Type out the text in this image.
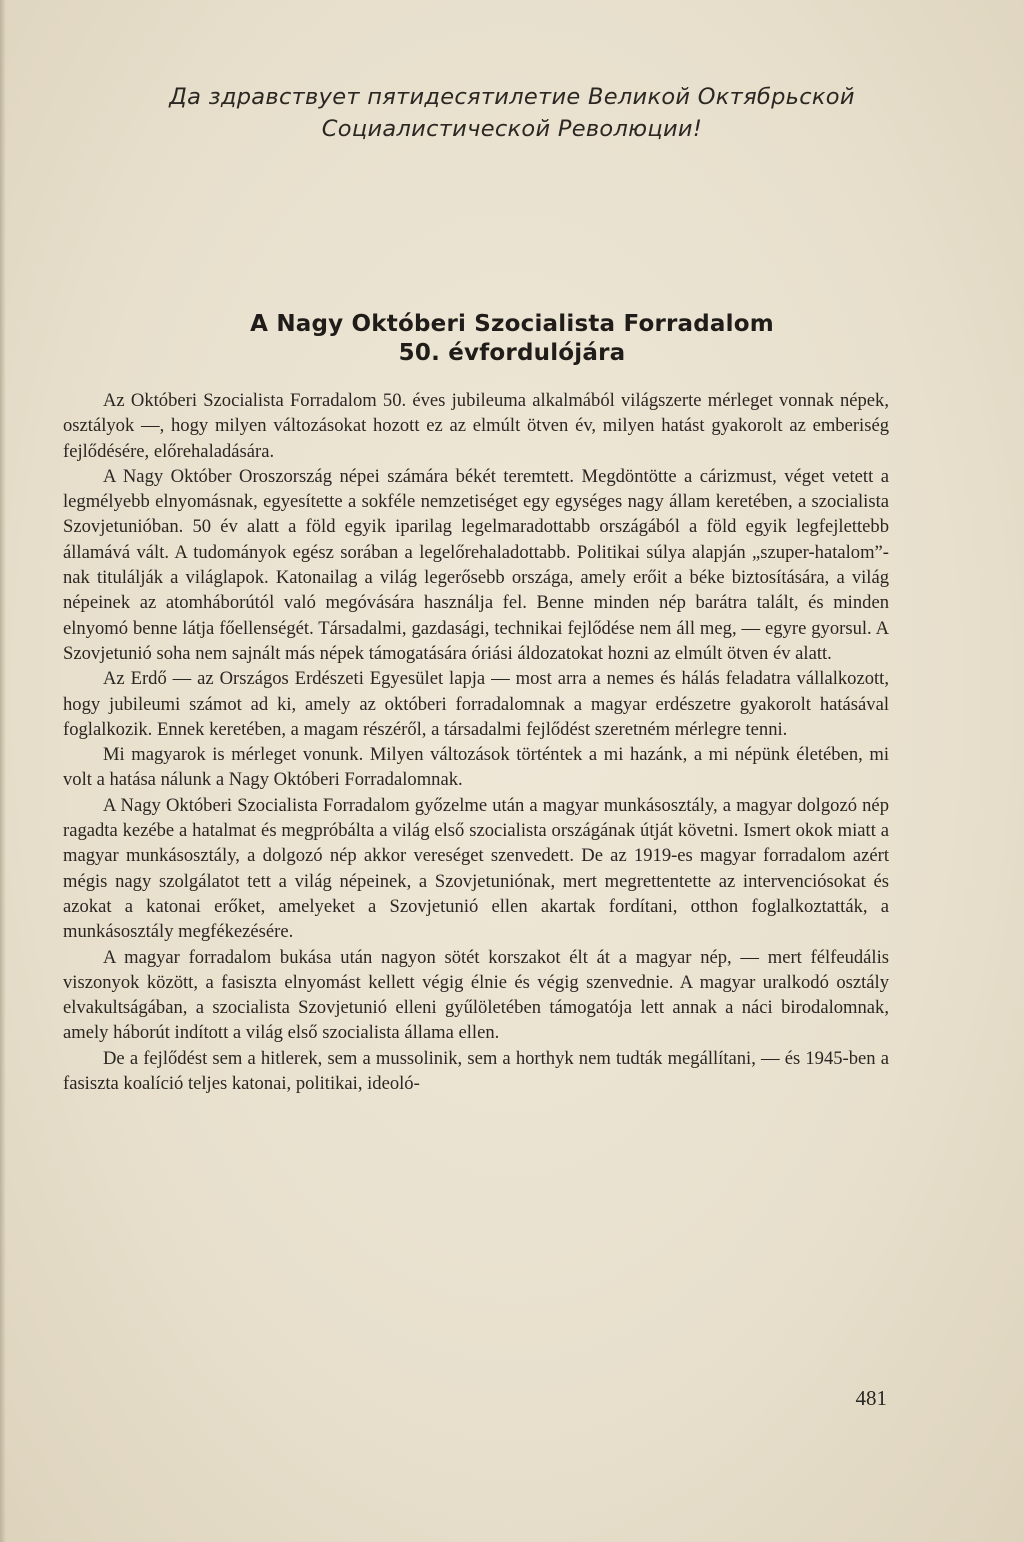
Да здравствует пятидесятилетие Великой Октябрьской
Социалистической Революции!
A Nagy Októberi Szocialista Forradalom
50. évfordulójára

Az Októberi Szocialista Forradalom 50. éves jubileuma alkalmából világszerte mérleget vonnak népek, osztályok —, hogy milyen változásokat hozott ez az elmúlt ötven év, milyen hatást gyakorolt az emberiség fejlődésére, előrehaladására.

A Nagy Október Oroszország népei számára békét teremtett. Megdöntötte a cárizmust, véget vetett a legmélyebb elnyomásnak, egyesítette a sokféle nemzetiséget egy egységes nagy állam keretében, a szocialista Szovjetunióban. 50 év alatt a föld egyik iparilag legelmaradottabb országából a föld egyik legfejlettebb államává vált. A tudományok egész sorában a legelőrehaladottabb. Politikai súlya alapján „szuper-hatalom”-nak titulálják a világlapok. Katonailag a világ legerősebb országa, amely erőit a béke biztosítására, a világ népeinek az atomháborútól való megóvására használja fel. Benne minden nép barátra talált, és minden elnyomó benne látja főellenségét. Társadalmi, gazdasági, technikai fejlődése nem áll meg, — egyre gyorsul. A Szovjetunió soha nem sajnált más népek támogatására óriási áldozatokat hozni az elmúlt ötven év alatt.

Az Erdő — az Országos Erdészeti Egyesület lapja — most arra a nemes és hálás feladatra vállalkozott, hogy jubileumi számot ad ki, amely az októberi forradalomnak a magyar erdészetre gyakorolt hatásával foglalkozik. Ennek keretében, a magam részéről, a társadalmi fejlődést szeretném mérlegre tenni.

Mi magyarok is mérleget vonunk. Milyen változások történtek a mi hazánk, a mi népünk életében, mi volt a hatása nálunk a Nagy Októberi Forradalomnak.

A Nagy Októberi Szocialista Forradalom győzelme után a magyar munkásosztály, a magyar dolgozó nép ragadta kezébe a hatalmat és megpróbálta a világ első szocialista országának útját követni. Ismert okok miatt a magyar munkásosztály, a dolgozó nép akkor vereséget szenvedett. De az 1919-es magyar forradalom azért mégis nagy szolgálatot tett a világ népeinek, a Szovjetuniónak, mert megrettentette az intervenciósokat és azokat a katonai erőket, amelyeket a Szovjetunió ellen akartak fordítani, otthon foglalkoztatták, a munkásosztály megfékezésére.

A magyar forradalom bukása után nagyon sötét korszakot élt át a magyar nép, — mert félfeudális viszonyok között, a fasiszta elnyomást kellett végig élnie és végig szenvednie. A magyar uralkodó osztály elvakultságában, a szocialista Szovjetunió elleni gyűlöletében támogatója lett annak a náci birodalomnak, amely háborút indított a világ első szocialista állama ellen.

De a fejlődést sem a hitlerek, sem a mussolinik, sem a horthyk nem tudták megállítani, — és 1945-ben a fasiszta koalíció teljes katonai, politikai, ideoló-

481
